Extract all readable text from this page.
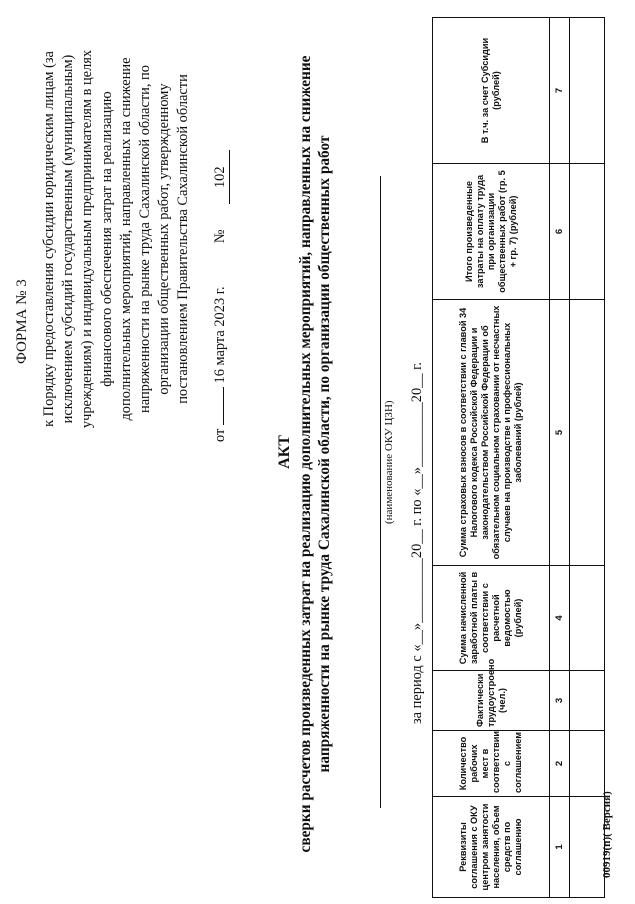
ФОРМА № 3 к Порядку предоставления субсидии юридическим лицам (за исключением субсидий государственным (муниципальным) учреждениям) и индивидуальным предпринимателям в целях финансового обеспечения затрат на реализацию дополнительных мероприятий, направленных на снижение напряженности на рынке труда Сахалинской области, по организации общественных работ, утвержденному постановлением Правительства Сахалинской области
от  16 марта 2023 г.  №  102
АКТ сверки расчетов произведенных затрат на реализацию дополнительных мероприятий, направленных на снижение напряженности на рынке труда Сахалинской области, по организации общественных работ	(наименование ОКУ ЦЗН) за период с «__»_________20__ г. по «__»_________20__ г.
Реквизиты соглашения с ОКУ центром занятости населения, объем средств по соглашению	Количество рабочих мест в соответствии с соглашением	Фактически трудоустроено (чел.)	Сумма начисленной заработной платы в соответствии с расчетной ведомостью (рублей)	Сумма страховых взносов в соответствии с главой 34 Налогового кодекса Российской Федерации и законодательством Российской Федерации об обязательном социальном страховании от несчастных случаев на производстве и профессиональных заболеваний (рублей)	Итого произведенные затраты на оплату труда при организации общественных работ (гр. 5 + гр. 7) (рублей)	В т.ч. за счет Субсидии (рублей)
1	2	3	4	5	6	7

00919(п)( Версия)
